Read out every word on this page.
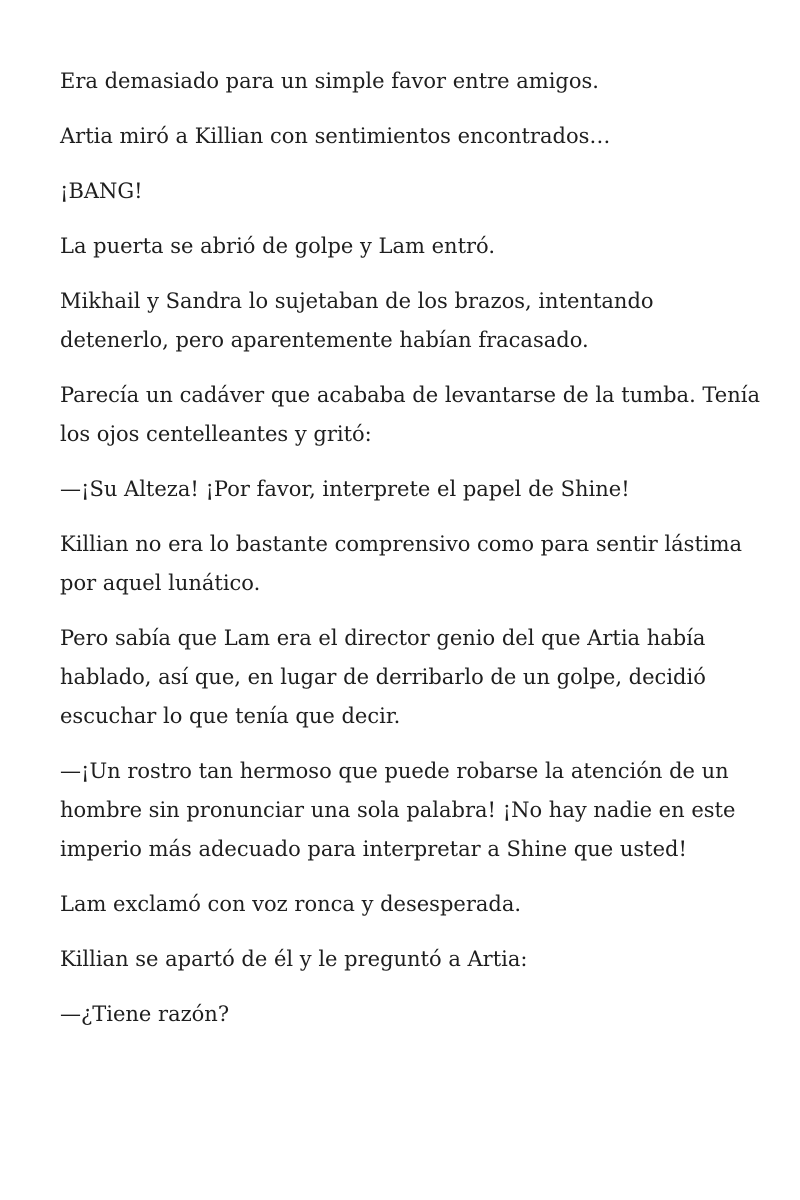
Era demasiado para un simple favor entre amigos.

Artia miró a Killian con sentimientos encontrados…

¡BANG!

La puerta se abrió de golpe y Lam entró.

Mikhail y Sandra lo sujetaban de los brazos, intentando detenerlo, pero aparentemente habían fracasado.

Parecía un cadáver que acababa de levantarse de la tumba. Tenía los ojos centelleantes y gritó:

—¡Su Alteza! ¡Por favor, interprete el papel de Shine!

Killian no era lo bastante comprensivo como para sentir lástima por aquel lunático.

Pero sabía que Lam era el director genio del que Artia había hablado, así que, en lugar de derribarlo de un golpe, decidió escuchar lo que tenía que decir.

—¡Un rostro tan hermoso que puede robarse la atención de un hombre sin pronunciar una sola palabra! ¡No hay nadie en este imperio más adecuado para interpretar a Shine que usted!

Lam exclamó con voz ronca y desesperada.

Killian se apartó de él y le preguntó a Artia:

—¿Tiene razón?
